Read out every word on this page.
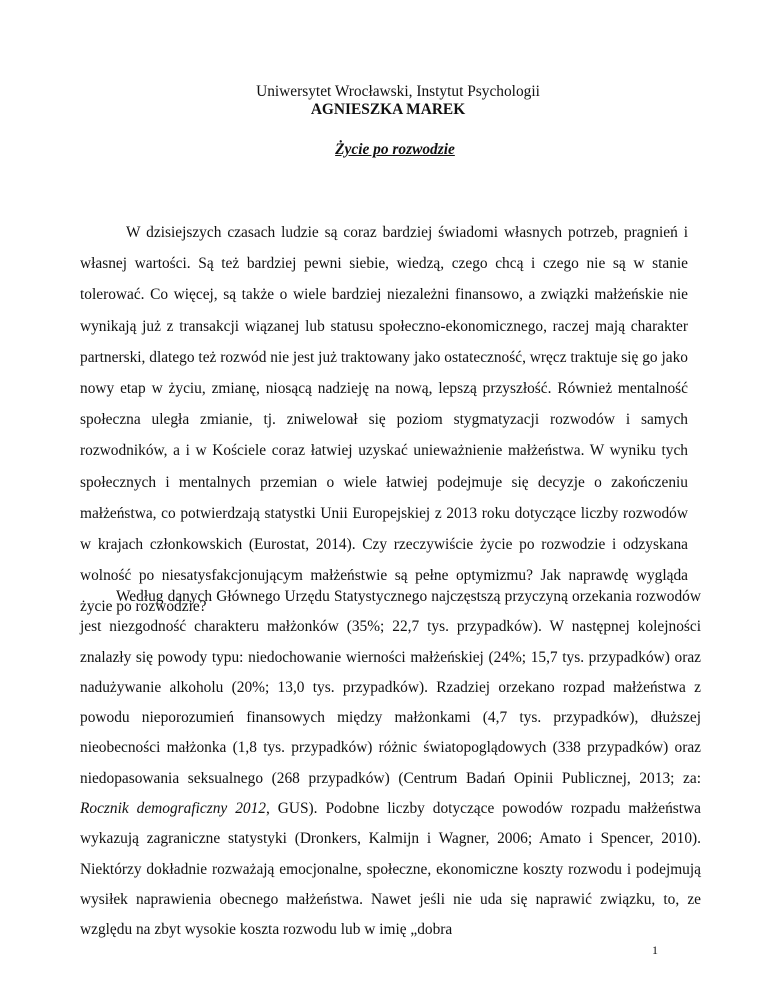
Uniwersytet Wrocławski, Instytut Psychologii
AGNIESZKA MAREK
Życie po rozwodzie

W dzisiejszych czasach ludzie są coraz bardziej świadomi własnych potrzeb, pragnień i własnej wartości. Są też bardziej pewni siebie, wiedzą, czego chcą i czego nie są w stanie tolerować. Co więcej, są także o wiele bardziej niezależni finansowo, a związki małżeńskie nie wynikają już z transakcji wiązanej lub statusu społeczno-ekonomicznego, raczej mają charakter partnerski, dlatego też rozwód nie jest już traktowany jako ostateczność, wręcz traktuje się go jako nowy etap w życiu, zmianę, niosącą nadzieję na nową, lepszą przyszłość. Również mentalność społeczna uległa zmianie, tj. zniwelował się poziom stygmatyzacji rozwodów i samych rozwodników, a i w Kościele coraz łatwiej uzyskać unieważnienie małżeństwa. W wyniku tych społecznych i mentalnych przemian o wiele łatwiej podejmuje się decyzje o zakończeniu małżeństwa, co potwierdzają statystki Unii Europejskiej z 2013 roku dotyczące liczby rozwodów w krajach członkowskich (Eurostat, 2014). Czy rzeczywiście życie po rozwodzie i odzyskana wolność po niesatysfakcjonującym małżeństwie są pełne optymizmu? Jak naprawdę wygląda życie po rozwodzie?

Według danych Głównego Urzędu Statystycznego najczęstszą przyczyną orzekania rozwodów jest niezgodność charakteru małżonków (35%; 22,7 tys. przypadków). W następnej kolejności znalazły się powody typu: niedochowanie wierności małżeńskiej (24%; 15,7 tys. przypadków) oraz nadużywanie alkoholu (20%; 13,0 tys. przypadków). Rzadziej orzekano rozpad małżeństwa z powodu nieporozumień finansowych między małżonkami (4,7 tys. przypadków), dłuższej nieobecności małżonka (1,8 tys. przypadków) różnic światopoglądowych (338 przypadków) oraz niedopasowania seksualnego (268 przypadków) (Centrum Badań Opinii Publicznej, 2013; za: Rocznik demograficzny 2012, GUS). Podobne liczby dotyczące powodów rozpadu małżeństwa wykazują zagraniczne statystyki (Dronkers, Kalmijn i Wagner, 2006; Amato i Spencer, 2010). Niektórzy dokładnie rozważają emocjonalne, społeczne, ekonomiczne koszty rozwodu i podejmują wysiłek naprawienia obecnego małżeństwa. Nawet jeśli nie uda się naprawić związku, to, ze względu na zbyt wysokie koszta rozwodu lub w imię „dobra

1
